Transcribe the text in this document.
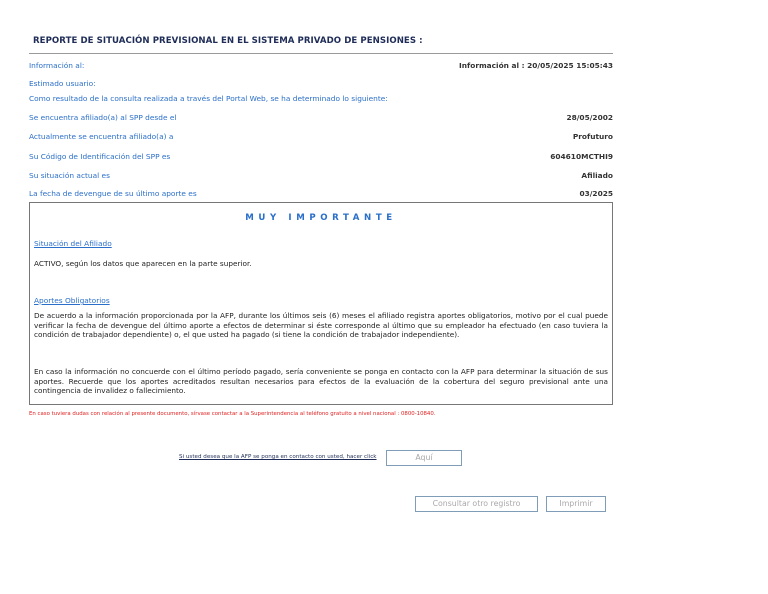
REPORTE DE SITUACIÓN PREVISIONAL EN EL SISTEMA PRIVADO DE PENSIONES :
Información al:	Información al : 20/05/2025 15:05:43
Estimado usuario:
Como resultado de la consulta realizada a través del Portal Web, se ha determinado lo siguiente:
Se encuentra afiliado(a) al SPP desde el	28/05/2002
Actualmente se encuentra afiliado(a) a	Profuturo
Su Código de Identificación del SPP es	604610MCTHI9
Su situación actual es	Afiliado
La fecha de devengue de su último aporte es	03/2025
MUY IMPORTANTE
Situación del Afiliado
ACTIVO, según los datos que aparecen en la parte superior.
Aportes Obligatorios
De acuerdo a la información proporcionada por la AFP, durante los últimos seis (6) meses el afiliado registra aportes obligatorios, motivo por el cual puede verificar la fecha de devengue del último aporte a efectos de determinar si éste corresponde al último que su empleador ha efectuado (en caso tuviera la condición de trabajador dependiente) o, el que usted ha pagado (si tiene la condición de trabajador independiente).
En caso la información no concuerde con el último período pagado, sería conveniente se ponga en contacto con la AFP para determinar la situación de sus aportes. Recuerde que los aportes acreditados resultan necesarios para efectos de la evaluación de la cobertura del seguro previsional ante una contingencia de invalidez o fallecimiento.
En caso tuviera dudas con relación al presente documento, sírvase contactar a la Superintendencia al teléfono gratuito a nivel nacional : 0800-10840.
Si usted desea que la AFP se ponga en contacto con usted, hacer click	Aquí
Consultar otro registro	Imprimir
